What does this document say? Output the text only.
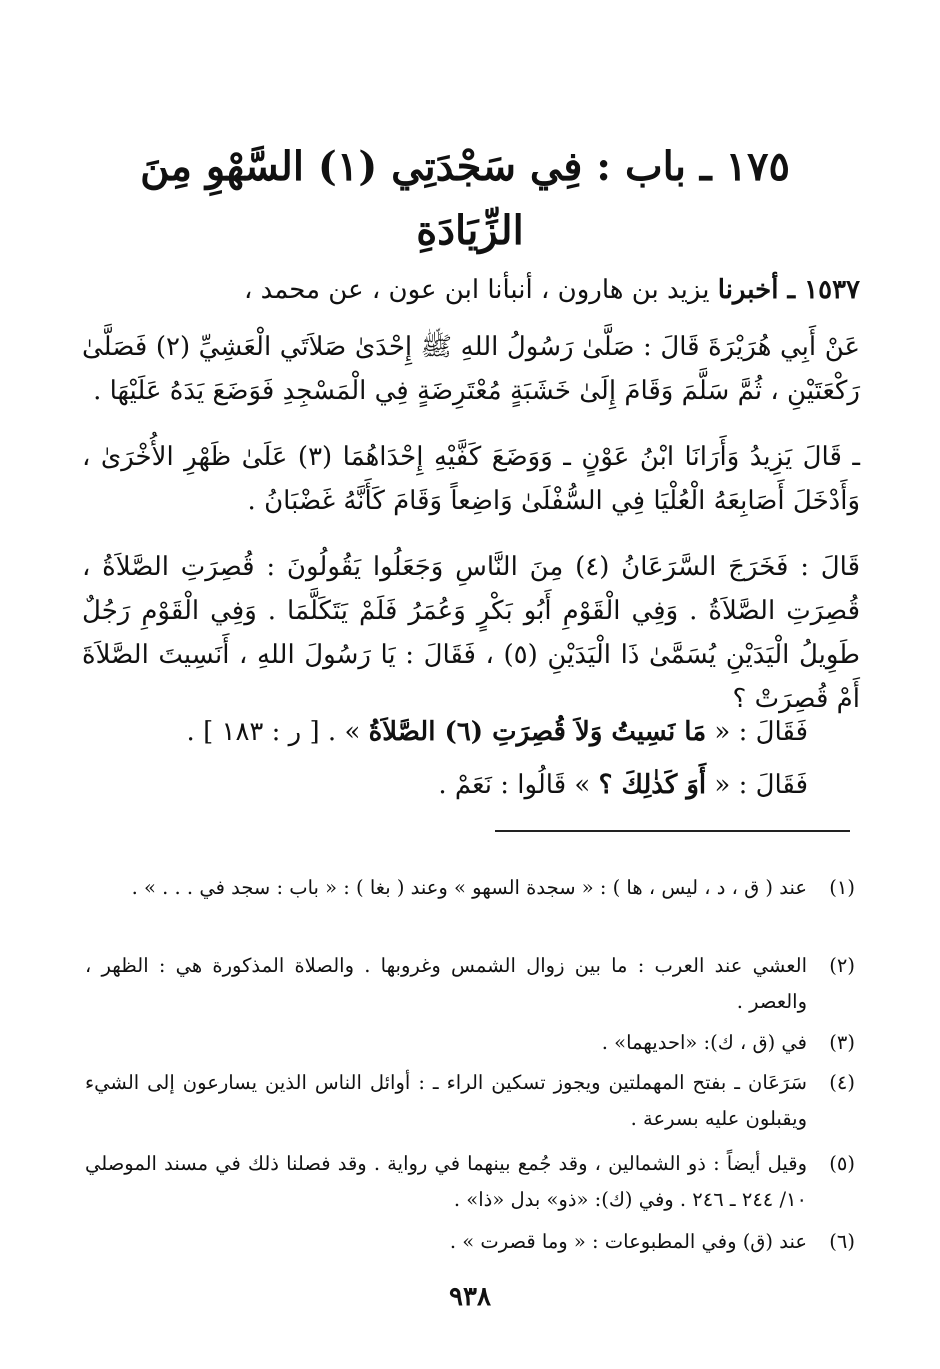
١٧٥ ـ باب : فِي سَجْدَتِي (١) السَّهْوِ مِنَ
الزِّيَادَةِ

١٥٣٧ ـ أخبرنا يزيد بن هارون ، أنبأنا ابن عون ، عن محمد ،

عَنْ أَبِي هُرَيْرَةَ قَالَ : صَلَّىٰ رَسُولُ اللهِ ﷺ إِحْدَىٰ صَلاَتَي الْعَشِيِّ (٢) فَصَلَّىٰ رَكْعَتَيْنِ ، ثُمَّ سَلَّمَ وَقَامَ إِلَىٰ خَشَبَةٍ مُعْتَرِضَةٍ فِي الْمَسْجِدِ فَوَضَعَ يَدَهُ عَلَيْهَا .

ـ قَالَ يَزِيدُ وَأَرَانَا ابْنُ عَوْنٍ ـ وَوَضَعَ كَفَّيْهِ إِحْدَاهُمَا (٣) عَلَىٰ ظَهْرِ الأُخْرَىٰ ، وَأَدْخَلَ أَصَابِعَهُ الْعُلْيَا فِي السُّفْلَىٰ وَاضِعاً وَقَامَ كَأَنَّهُ غَضْبَانُ .

قَالَ : فَخَرَجَ السَّرَعَانُ (٤) مِنَ النَّاسِ وَجَعَلُوا يَقُولُونَ : قُصِرَتِ الصَّلاَةُ ، قُصِرَتِ الصَّلاَةُ . وَفِي الْقَوْمِ أَبُو بَكْرٍ وَعُمَرُ فَلَمْ يَتَكَلَّمَا . وَفِي الْقَوْمِ رَجُلٌ طَوِيلُ الْيَدَيْنِ يُسَمَّىٰ ذَا الْيَدَيْنِ (٥) ، فَقَالَ : يَا رَسُولَ اللهِ ، أَنَسِيتَ الصَّلاَةَ أَمْ قُصِرَتْ ؟

فَقَالَ : « مَا نَسِيتُ وَلاَ قُصِرَتِ (٦) الصَّلاَةُ » . [ ر : ١٨٣ ] .

فَقَالَ : « أَوَ كَذٰلِكَ ؟ » قَالُوا : نَعَمْ .

(١)
عند ( ق ، د ، ليس ، ها ) : « سجدة السهو » وعند ( بغا ) : « باب : سجد في . . . » .
(٢)
العشي عند العرب : ما بين زوال الشمس وغروبها . والصلاة المذكورة هي : الظهر ، والعصر .
(٣)
في (ق ، ك): «احديهما» .
(٤)
سَرَعَان ـ بفتح المهملتين ويجوز تسكين الراء ـ : أوائل الناس الذين يسارعون إلى الشيء ويقبلون عليه بسرعة .
(٥)
وقيل أيضاً : ذو الشمالين ، وقد جُمع بينهما في رواية . وقد فصلنا ذلك في مسند الموصلي ١٠/ ٢٤٤ ـ ٢٤٦ . وفي (ك): «ذو» بدل «ذا» .
(٦)
عند (ق) وفي المطبوعات : « وما قصرت » .
٩٣٨
